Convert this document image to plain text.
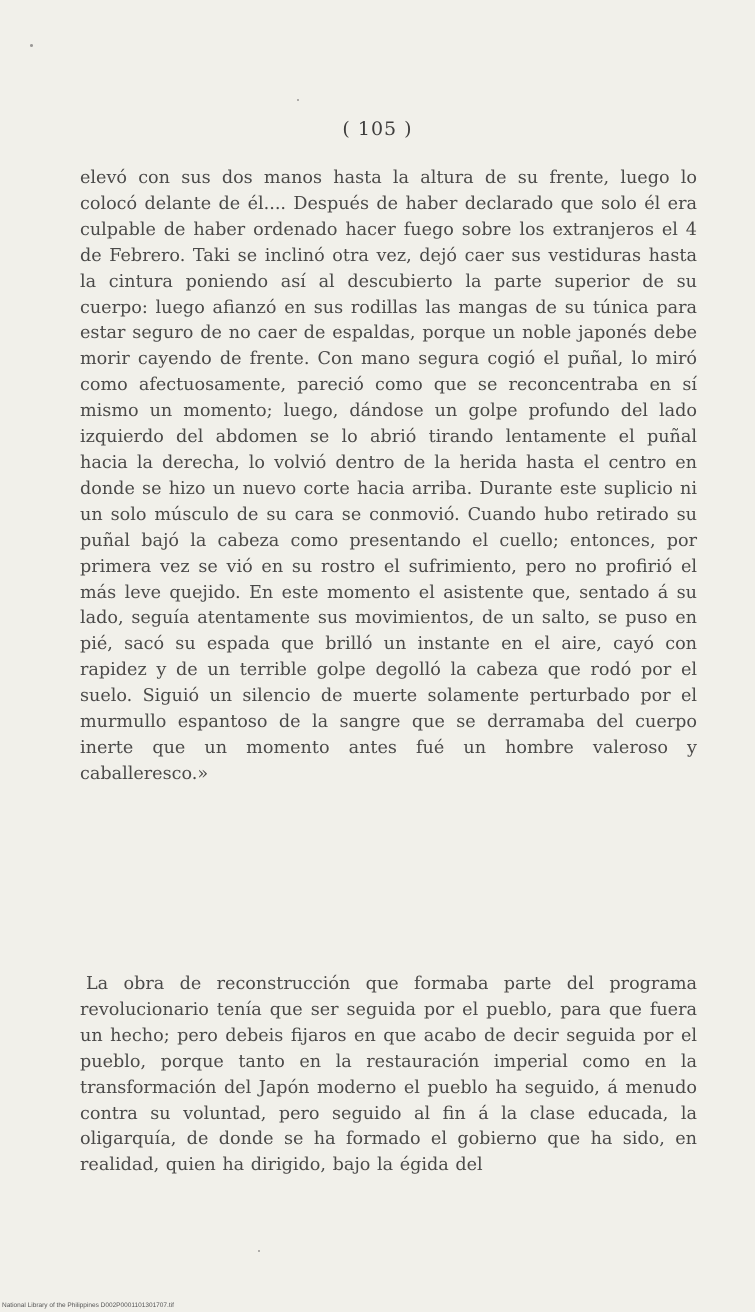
( 105 )

elevó con sus dos manos hasta la altura de su frente, luego lo colocó delante de él.... Después de haber declarado que solo él era culpable de haber ordenado hacer fuego sobre los extranjeros el 4 de Febrero. Taki se inclinó otra vez, dejó caer sus vestiduras hasta la cintura poniendo así al descubierto la parte superior de su cuerpo: luego afianzó en sus rodillas las mangas de su túnica para estar seguro de no caer de espaldas, porque un noble japonés debe morir cayendo de frente. Con mano segura cogió el puñal, lo miró como afectuosamente, pareció como que se reconcentraba en sí mismo un momento; luego, dándose un golpe profundo del lado izquierdo del abdomen se lo abrió tirando lentamente el puñal hacia la derecha, lo volvió dentro de la herida hasta el centro en donde se hizo un nuevo corte hacia arriba. Durante este suplicio ni un solo músculo de su cara se conmovió. Cuando hubo retirado su puñal bajó la cabeza como presentando el cuello; entonces, por primera vez se vió en su rostro el sufrimiento, pero no profirió el más leve quejido. En este momento el asistente que, sentado á su lado, seguía atentamente sus movimientos, de un salto, se puso en pié, sacó su espada que brilló un instante en el aire, cayó con rapidez y de un terrible golpe degolló la cabeza que rodó por el suelo. Siguió un silencio de muerte solamente perturbado por el murmullo espantoso de la sangre que se derramaba del cuerpo inerte que un momento antes fué un hombre valeroso y caballeresco.»

La obra de reconstrucción que formaba parte del programa revolucionario tenía que ser seguida por el pueblo, para que fuera un hecho; pero debeis fijaros en que acabo de decir seguida por el pueblo, porque tanto en la restauración imperial como en la transformación del Japón moderno el pueblo ha seguido, á menudo contra su voluntad, pero seguido al fin á la clase educada, la oligarquía, de donde se ha formado el gobierno que ha sido, en realidad, quien ha dirigido, bajo la égida del

National Library of the Philippines D002P0001101301707.tif
